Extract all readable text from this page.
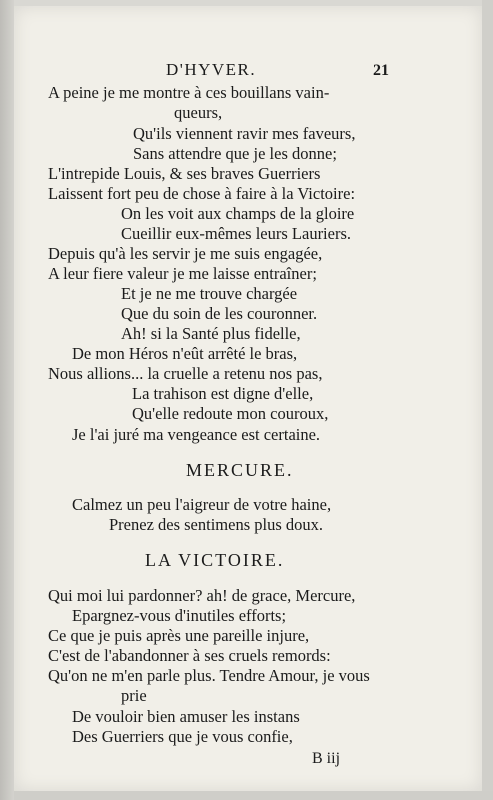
D'HYVER.	21
A peine je me montre à ces bouillans vain-
queurs,
Qu'ils viennent ravir mes faveurs,
Sans attendre que je les donne;
L'intrepide Louis, & ses braves Guerriers
Laissent fort peu de chose à faire à la Victoire:
On les voit aux champs de la gloire
Cueillir eux-mêmes leurs Lauriers.
Depuis qu'à les servir je me suis engagée,
A leur fiere valeur je me laisse entraîner;
Et je ne me trouve chargée
Que du soin de les couronner.
Ah! si la Santé plus fidelle,
De mon Héros n'eût arrêté le bras,
Nous allions... la cruelle a retenu nos pas,
La trahison est digne d'elle,
Qu'elle redoute mon couroux,
Je l'ai juré ma vengeance est certaine.
MERCURE.
Calmez un peu l'aigreur de votre haine,
Prenez des sentimens plus doux.
LA VICTOIRE.
Qui moi lui pardonner? ah! de grace, Mercure,
Epargnez-vous d'inutiles efforts;
Ce que je puis après une pareille injure,
C'est de l'abandonner à ses cruels remords:
Qu'on ne m'en parle plus. Tendre Amour, je vous
prie
De vouloir bien amuser les instans
Des Guerriers que je vous confie,
B iij
